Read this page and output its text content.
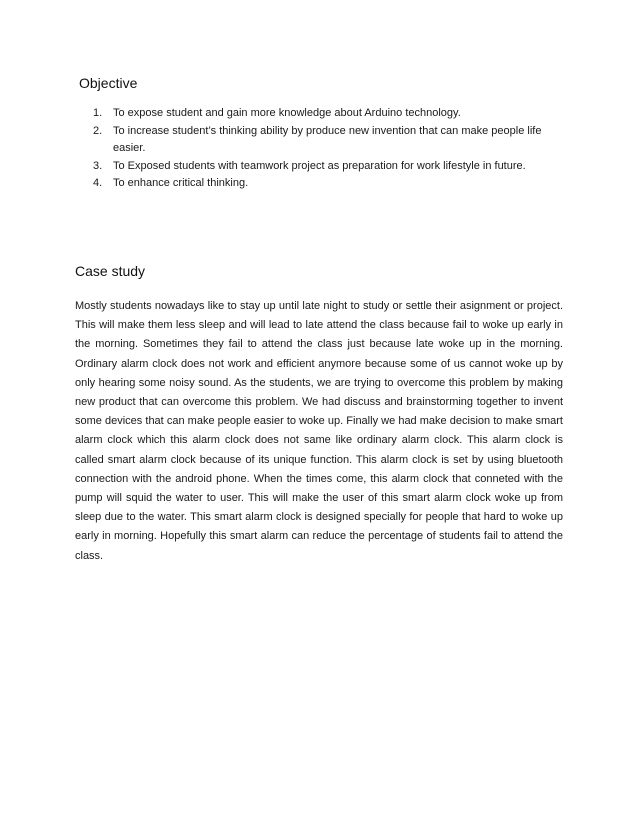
Objective
1. To expose student and gain more knowledge about Arduino technology.
2. To increase student’s thinking ability by produce new invention that can make people life easier.
3. To Exposed students with teamwork project as preparation for work lifestyle in future.
4. To enhance critical thinking.
Case study

Mostly students nowadays like to stay up until late night to study or settle their asignment or project. This will make them less sleep and will lead to late attend the class because fail to woke up early in the morning. Sometimes they fail to attend the class just because late woke up in the morning. Ordinary alarm clock does not work and efficient anymore because some of us cannot woke up by only hearing some noisy sound. As the students, we are trying to overcome this problem by making new product that can overcome this problem. We had discuss and brainstorming together to invent some devices that can make people easier to woke up. Finally we had make decision to make smart alarm clock which this alarm clock does not same like ordinary alarm clock. This alarm clock is called smart alarm clock because of its unique function. This alarm clock is set by using bluetooth connection with the android phone. When the times come, this alarm clock that conneted with the pump will squid the water to user. This will make the user of this smart alarm clock woke up from sleep due to the water. This smart alarm clock is designed specially for people that hard to woke up early in morning. Hopefully this smart alarm can reduce the percentage of students fail to attend the class.
